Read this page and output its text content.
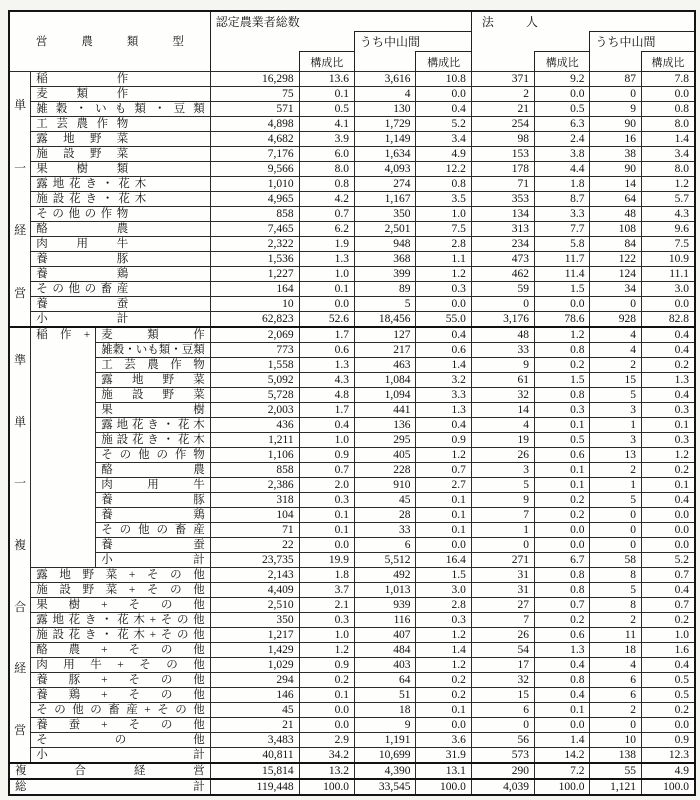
営 農 類 型			認定農業者総数				法 人			

					うち中山間				うち中山間	
				構成比		構成比		構成比		構成比

単
一
経
営

稲	作	16,298	13.6	3,616	10.8	371	9.2	87	7.8

	麦 類 作		75	0.1	4	0.0	2	0.0	0	0.0

雑 穀 ・ い も 類 ・ 豆 類	571	0.5	130	0.4	21	0.5	9	0.8

	工 芸 農 作 物		4,898	4.1	1,729	5.2	254	6.3	90	8.0

	露 地 野 菜		4,682	3.9	1,149	3.4	98	2.4	16	1.4

	施 設 野 菜		7,176	6.0	1,634	4.9	153	3.8	38	3.4

	果 樹 類		9,566	8.0	4,093	12.2	178	4.4	90	8.0

露 地 花 き ・ 花 木	1,010	0.8	274	0.8	71	1.8	14	1.2

施 設 花 き ・ 花 木	4,965	4.2	1,167	3.5	353	8.7	64	5.7

そ の 他 の 作 物	858	0.7	350	1.0	134	3.3	48	4.3

	酪 農		7,465	6.2	2,501	7.5	313	7.7	108	9.6

	肉 用 牛		2,322	1.9	948	2.8	234	5.8	84	7.5

	養 豚		1,536	1.3	368	1.1	473	11.7	122	10.9

	養 鶏		1,227	1.0	399	1.2	462	11.4	124	11.1

そ の 他 の 畜 産	164	0.1	89	0.3	59	1.5	34	3.0

	養 蚕		10	0.0	5	0.0	0	0.0	0	0.0

	小 計		62,823	52.6	18,456	55.0	3,176	78.6	928	82.8

準
単
一
複
合
経
営

稲 作 +	麦	類	作	2,069	1.7	127	0.4	48	1.2	4	0.4

雑 穀 ・ い も 類 ・ 豆 類	773	0.6	217	0.6	33	0.8	4	0.4

		工 芸 農 作 物	1,558	1.3	463	1.4	9	0.2	2	0.2

		露 地 野 菜	5,092	4.3	1,084	3.2	61	1.5	15	1.3

		施 設 野 菜	5,728	4.8	1,094	3.3	32	0.8	5	0.4

		果 樹	2,003	1.7	441	1.3	14	0.3	3	0.3

露 地 花 き ・ 花 木	436	0.4	136	0.4	4	0.1	1	0.1

施 設 花 き ・ 花 木	1,211	1.0	295	0.9	19	0.5	3	0.3

そ の 他 の 作 物	1,106	0.9	405	1.2	26	0.6	13	1.2

		酪 農	858	0.7	228	0.7	3	0.1	2	0.2

		肉 用 牛	2,386	2.0	910	2.7	5	0.1	1	0.1

		養 豚	318	0.3	45	0.1	9	0.2	5	0.4

		養 鶏	104	0.1	28	0.1	7	0.2	0	0.0

そ の 他 の 畜 産	71	0.1	33	0.1	1	0.0	0	0.0

		養 蚕	22	0.0	6	0.0	0	0.0	0	0.0

		小 計	23,735	19.9	5,512	16.4	271	6.7	58	5.2

露 地 野 菜 + そ の 他	2,143	1.8	492	1.5	31	0.8	8	0.7

施 設 野 菜 + そ の 他	4,409	3.7	1,013	3.0	31	0.8	5	0.4

果 樹 + そ の 他	2,510	2.1	939	2.8	27	0.7	8	0.7

露 地 花 き ・ 花 木 + そ の 他	350	0.3	116	0.3	7	0.2	2	0.2

施 設 花 き ・ 花 木 + そ の 他	1,217	1.0	407	1.2	26	0.6	11	1.0

酪 農 + そ の 他	1,429	1.2	484	1.4	54	1.3	18	1.6

肉 用 牛 + そ の 他	1,029	0.9	403	1.2	17	0.4	4	0.4

養 豚 + そ の 他	294	0.2	64	0.2	32	0.8	6	0.5

養 鶏 + そ の 他	146	0.1	51	0.2	15	0.4	6	0.5

そ の 他 の 畜 産 + そ の 他	45	0.0	18	0.1	6	0.1	2	0.2

養 蚕 + そ の 他	21	0.0	9	0.0	0	0.0	0	0.0

	そ の 他		3,483	2.9	1,191	3.6	56	1.4	10	0.9

	小 計		40,811	34.2	10,699	31.9	573	14.2	138	12.3

複 合 経 営			15,814	13.2	4,390	13.1	290	7.2	55	4.9

総 計			119,448	100.0	33,545	100.0	4,039	100.0	1,121	100.0
